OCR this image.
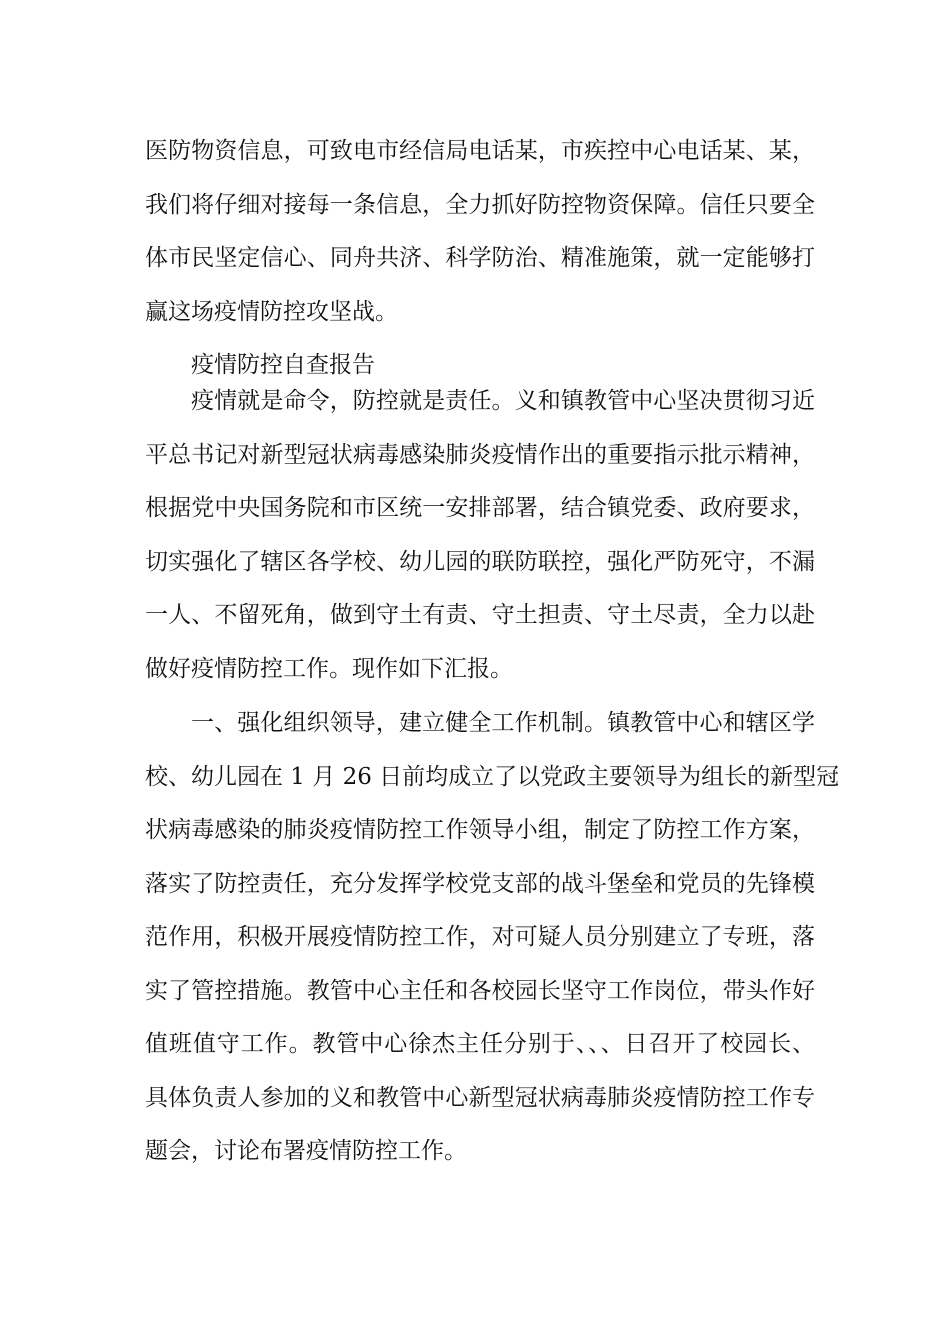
医防物资信息，可致电市经信局电话某，市疾控中心电话某、某，
我们将仔细对接每一条信息，全力抓好防控物资保障。信任只要全
体市民坚定信心、同舟共济、科学防治、精准施策，就一定能够打
赢这场疫情防控攻坚战。
疫情防控自查报告
疫情就是命令，防控就是责任。义和镇教管中心坚决贯彻习近
平总书记对新型冠状病毒感染肺炎疫情作出的重要指示批示精神，
根据党中央国务院和市区统一安排部署，结合镇党委、政府要求，
切实强化了辖区各学校、幼儿园的联防联控，强化严防死守，不漏
一人、不留死角，做到守土有责、守土担责、守土尽责，全力以赴
做好疫情防控工作。现作如下汇报。
一、强化组织领导，建立健全工作机制。镇教管中心和辖区学
校、幼儿园在 1 月 26 日前均成立了以党政主要领导为组长的新型冠
状病毒感染的肺炎疫情防控工作领导小组，制定了防控工作方案，
落实了防控责任，充分发挥学校党支部的战斗堡垒和党员的先锋模
范作用，积极开展疫情防控工作，对可疑人员分别建立了专班，落
实了管控措施。教管中心主任和各校园长坚守工作岗位，带头作好
值班值守工作。教管中心徐杰主任分别于、、、日召开了校园长、
具体负责人参加的义和教管中心新型冠状病毒肺炎疫情防控工作专
题会，讨论布署疫情防控工作。
